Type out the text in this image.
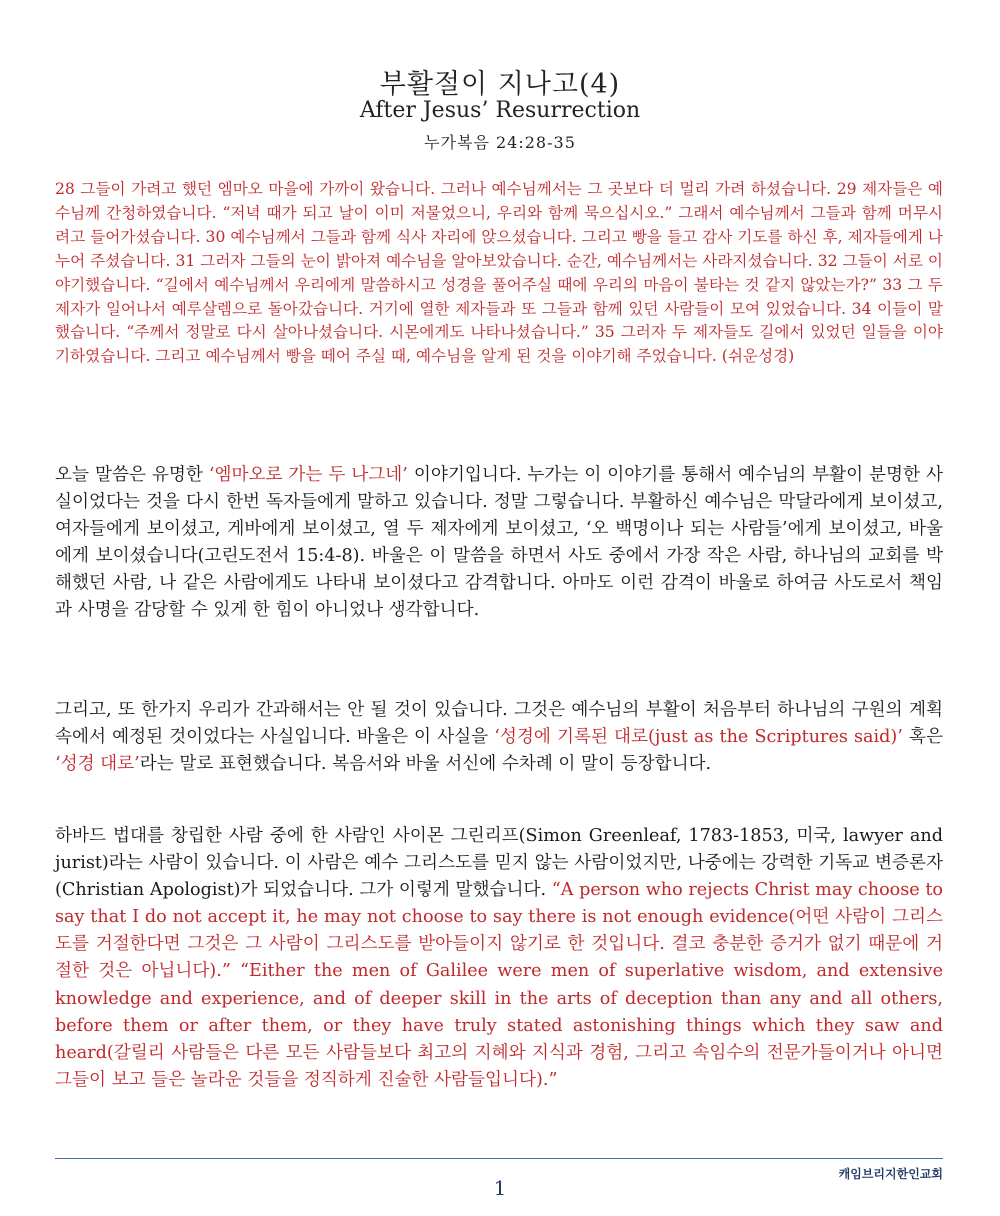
부활절이 지나고(4)
After Jesus’ Resurrection
누가복음 24:28-35

28 그들이 가려고 했던 엠마오 마을에 가까이 왔습니다. 그러나 예수님께서는 그 곳보다 더 멀리 가려 하셨습니다. 29 제자들은 예수님께 간청하였습니다. “저녁 때가 되고 날이 이미 저물었으니, 우리와 함께 묵으십시오.” 그래서 예수님께서 그들과 함께 머무시려고 들어가셨습니다. 30 예수님께서 그들과 함께 식사 자리에 앉으셨습니다. 그리고 빵을 들고 감사 기도를 하신 후, 제자들에게 나누어 주셨습니다. 31 그러자 그들의 눈이 밝아져 예수님을 알아보았습니다. 순간, 예수님께서는 사라지셨습니다. 32 그들이 서로 이야기했습니다. “길에서 예수님께서 우리에게 말씀하시고 성경을 풀어주실 때에 우리의 마음이 불타는 것 같지 않았는가?” 33 그 두 제자가 일어나서 예루살렘으로 돌아갔습니다. 거기에 열한 제자들과 또 그들과 함께 있던 사람들이 모여 있었습니다. 34 이들이 말했습니다. “주께서 정말로 다시 살아나셨습니다. 시몬에게도 나타나셨습니다.” 35 그러자 두 제자들도 길에서 있었던 일들을 이야기하였습니다. 그리고 예수님께서 빵을 떼어 주실 때, 예수님을 알게 된 것을 이야기해 주었습니다. (쉬운성경)

오늘 말씀은 유명한 ‘엠마오로 가는 두 나그네’ 이야기입니다. 누가는 이 이야기를 통해서 예수님의 부활이 분명한 사실이었다는 것을 다시 한번 독자들에게 말하고 있습니다. 정말 그렇습니다. 부활하신 예수님은 막달라에게 보이셨고, 여자들에게 보이셨고, 게바에게 보이셨고, 열 두 제자에게 보이셨고, ‘오 백명이나 되는 사람들’에게 보이셨고, 바울에게 보이셨습니다(고린도전서 15:4-8). 바울은 이 말씀을 하면서 사도 중에서 가장 작은 사람, 하나님의 교회를 박해했던 사람, 나 같은 사람에게도 나타내 보이셨다고 감격합니다. 아마도 이런 감격이 바울로 하여금 사도로서 책임과 사명을 감당할 수 있게 한 힘이 아니었나 생각합니다.

그리고, 또 한가지 우리가 간과해서는 안 될 것이 있습니다. 그것은 예수님의 부활이 처음부터 하나님의 구원의 계획 속에서 예정된 것이었다는 사실입니다. 바울은 이 사실을 ‘성경에 기록된 대로(just as the Scriptures said)’ 혹은 ‘성경 대로’라는 말로 표현했습니다. 복음서와 바울 서신에 수차례 이 말이 등장합니다.

하바드 법대를 창립한 사람 중에 한 사람인 사이몬 그린리프(Simon Greenleaf, 1783-1853, 미국, lawyer and jurist)라는 사람이 있습니다. 이 사람은 예수 그리스도를 믿지 않는 사람이었지만, 나중에는 강력한 기독교 변증론자(Christian Apologist)가 되었습니다. 그가 이렇게 말했습니다. “A person who rejects Christ may choose to say that I do not accept it, he may not choose to say there is not enough evidence(어떤 사람이 그리스도를 거절한다면 그것은 그 사람이 그리스도를 받아들이지 않기로 한 것입니다. 결코 충분한 증거가 없기 때문에 거절한 것은 아닙니다).” “Either the men of Galilee were men of superlative wisdom, and extensive knowledge and experience, and of deeper skill in the arts of deception than any and all others, before them or after them, or they have truly stated astonishing things which they saw and heard(갈릴리 사람들은 다른 모든 사람들보다 최고의 지혜와 지식과 경험, 그리고 속임수의 전문가들이거나 아니면 그들이 보고 들은 놀라운 것들을 정직하게 진술한 사람들입니다).”

캐임브리지한인교회
1
